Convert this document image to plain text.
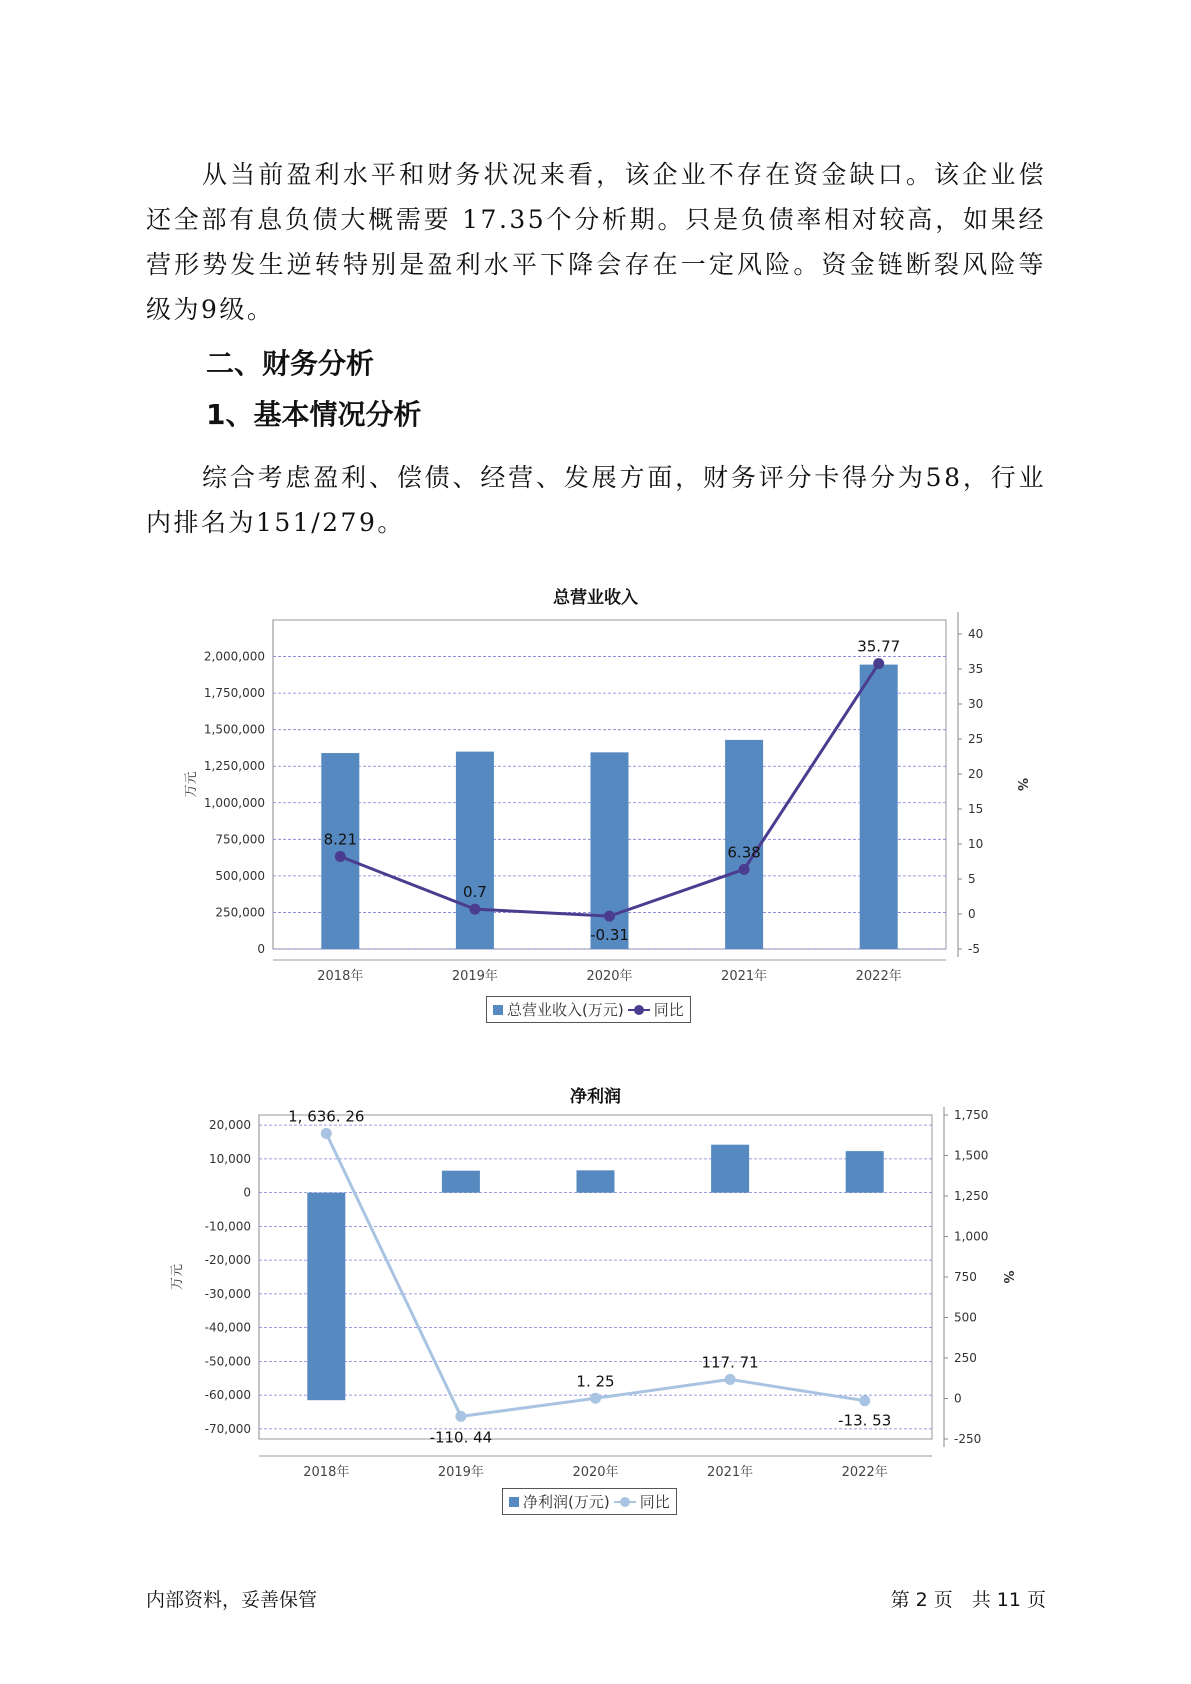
从当前盈利水平和财务状况来看，该企业不存在资金缺口。该企业偿还全部有息负债大概需要 17.35个分析期。只是负债率相对较高，如果经营形势发生逆转特别是盈利水平下降会存在一定风险。资金链断裂风险等级为9级。

二、财务分析
1、基本情况分析

综合考虑盈利、偿债、经营、发展方面，财务评分卡得分为58，行业内排名为151/279。

总营业收入
0
250,000
500,000
750,000
1,000,000
1,250,000
1,500,000
1,750,000
2,000,000
-5
0
5
10
15
20
25
30
35
40
万元	%
2018年	2019年	2020年	2021年	2022年
8.21
0.7
-0.31
6.38
35.77
总营业收入(万元) 同比
净利润
-70,000
-60,000
-50,000
-40,000
-30,000
-20,000
-10,000
0
10,000
20,000
-250
0
250
500
750
1,000
1,250
1,500
1,750
万元	%
2018年	2019年	2020年	2021年	2022年
1, 636. 26
-110. 44
1. 25
117. 71
-13. 53
净利润(万元) 同比
内部资料，妥善保管	第 2 页　共 11 页
